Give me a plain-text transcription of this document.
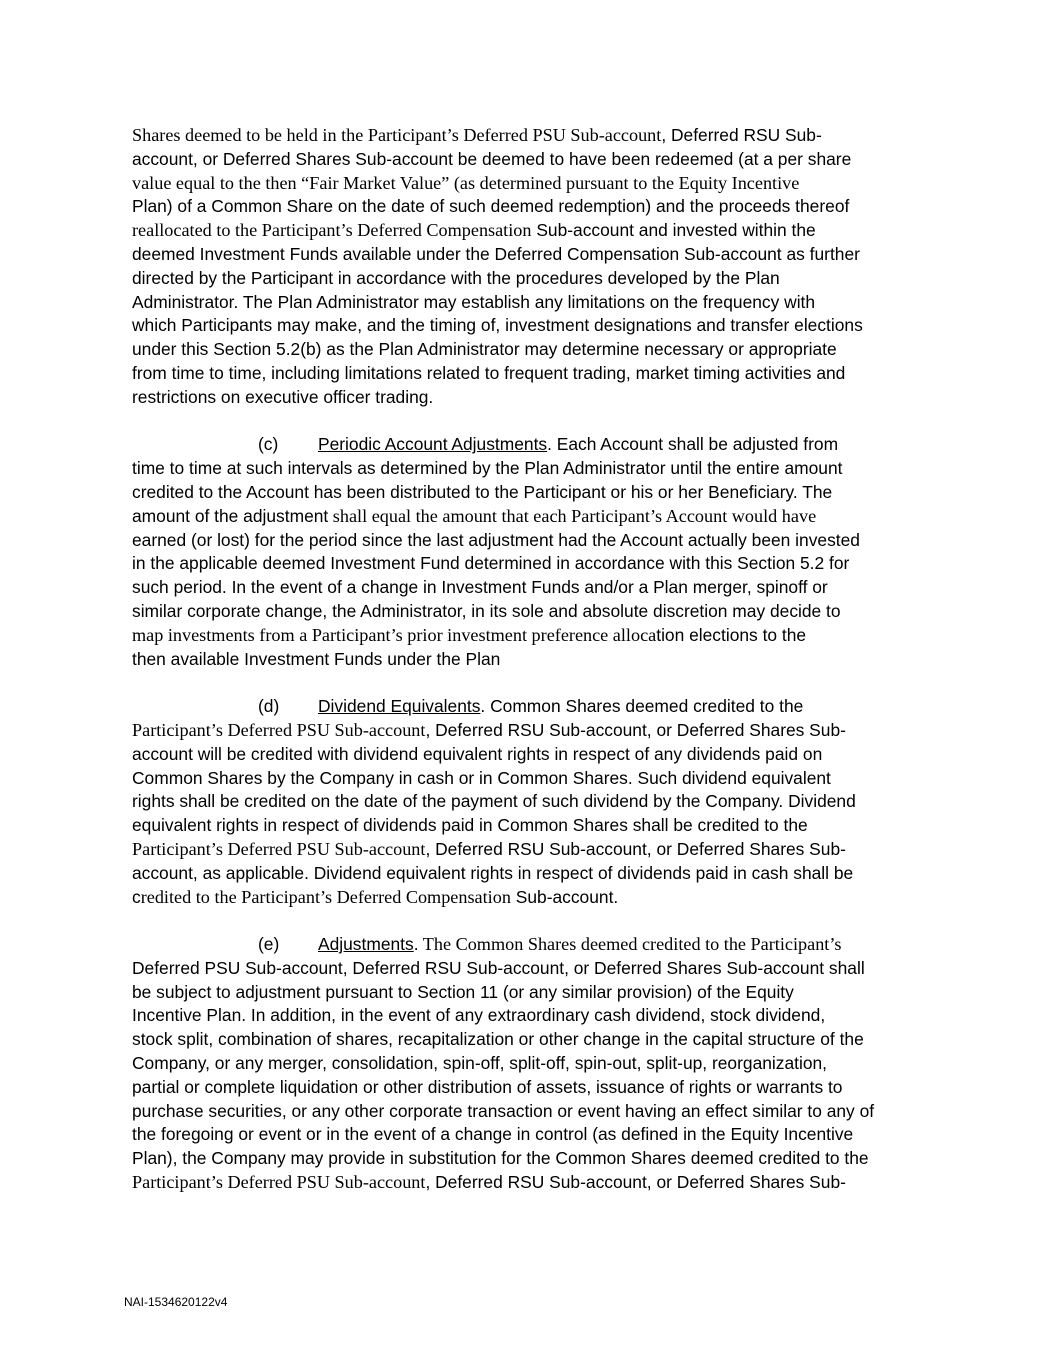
Shares deemed to be held in the Participant’s Deferred PSU Sub-account, Deferred RSU Sub-
account, or Deferred Shares Sub-account be deemed to have been redeemed (at a per share
value equal to the then “Fair Market Value” (as determined pursuant to the Equity Incentive
Plan) of a Common Share on the date of such deemed redemption) and the proceeds thereof
reallocated to the Participant’s Deferred Compensation Sub-account and invested within the
deemed Investment Funds available under the Deferred Compensation Sub-account as further
directed by the Participant in accordance with the procedures developed by the Plan
Administrator. The Plan Administrator may establish any limitations on the frequency with
which Participants may make, and the timing of, investment designations and transfer elections
under this Section 5.2(b) as the Plan Administrator may determine necessary or appropriate
from time to time, including limitations related to frequent trading, market timing activities and
restrictions on executive officer trading.
(c) Periodic Account Adjustments. Each Account shall be adjusted from
time to time at such intervals as determined by the Plan Administrator until the entire amount
credited to the Account has been distributed to the Participant or his or her Beneficiary. The
amount of the adjustment shall equal the amount that each Participant’s Account would have
earned (or lost) for the period since the last adjustment had the Account actually been invested
in the applicable deemed Investment Fund determined in accordance with this Section 5.2 for
such period. In the event of a change in Investment Funds and/or a Plan merger, spinoff or
similar corporate change, the Administrator, in its sole and absolute discretion may decide to
map investments from a Participant’s prior investment preference allocation elections to the
then available Investment Funds under the Plan
(d) Dividend Equivalents. Common Shares deemed credited to the
Participant’s Deferred PSU Sub-account, Deferred RSU Sub-account, or Deferred Shares Sub-
account will be credited with dividend equivalent rights in respect of any dividends paid on
Common Shares by the Company in cash or in Common Shares. Such dividend equivalent
rights shall be credited on the date of the payment of such dividend by the Company. Dividend
equivalent rights in respect of dividends paid in Common Shares shall be credited to the
Participant’s Deferred PSU Sub-account, Deferred RSU Sub-account, or Deferred Shares Sub-
account, as applicable. Dividend equivalent rights in respect of dividends paid in cash shall be
credited to the Participant’s Deferred Compensation Sub-account.
(e) Adjustments. The Common Shares deemed credited to the Participant’s
Deferred PSU Sub-account, Deferred RSU Sub-account, or Deferred Shares Sub-account shall
be subject to adjustment pursuant to Section 11 (or any similar provision) of the Equity
Incentive Plan. In addition, in the event of any extraordinary cash dividend, stock dividend,
stock split, combination of shares, recapitalization or other change in the capital structure of the
Company, or any merger, consolidation, spin-off, split-off, spin-out, split-up, reorganization,
partial or complete liquidation or other distribution of assets, issuance of rights or warrants to
purchase securities, or any other corporate transaction or event having an effect similar to any of
the foregoing or event or in the event of a change in control (as defined in the Equity Incentive
Plan), the Company may provide in substitution for the Common Shares deemed credited to the
Participant’s Deferred PSU Sub-account, Deferred RSU Sub-account, or Deferred Shares Sub-
NAI-1534620122v4
